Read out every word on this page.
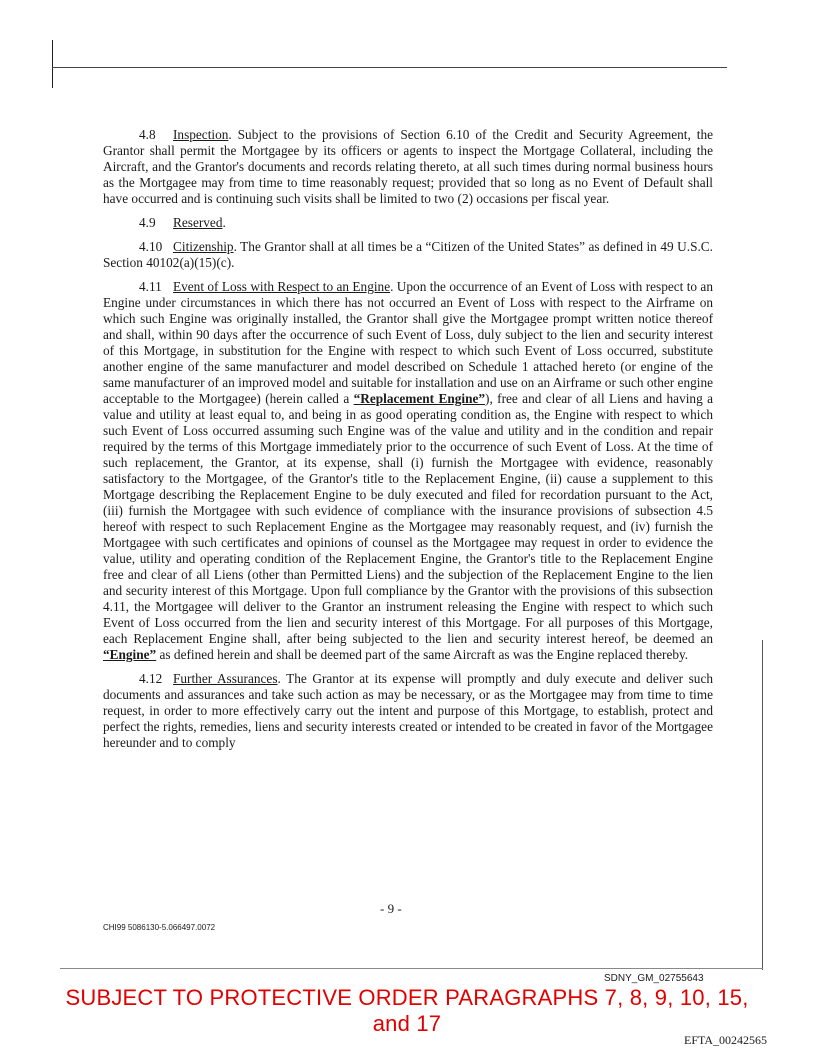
4.8 Inspection. Subject to the provisions of Section 6.10 of the Credit and Security Agreement, the Grantor shall permit the Mortgagee by its officers or agents to inspect the Mortgage Collateral, including the Aircraft, and the Grantor's documents and records relating thereto, at all such times during normal business hours as the Mortgagee may from time to time reasonably request; provided that so long as no Event of Default shall have occurred and is continuing such visits shall be limited to two (2) occasions per fiscal year.

4.9 Reserved.

4.10 Citizenship. The Grantor shall at all times be a “Citizen of the United States” as defined in 49 U.S.C. Section 40102(a)(15)(c).

4.11 Event of Loss with Respect to an Engine. Upon the occurrence of an Event of Loss with respect to an Engine under circumstances in which there has not occurred an Event of Loss with respect to the Airframe on which such Engine was originally installed, the Grantor shall give the Mortgagee prompt written notice thereof and shall, within 90 days after the occurrence of such Event of Loss, duly subject to the lien and security interest of this Mortgage, in substitution for the Engine with respect to which such Event of Loss occurred, substitute another engine of the same manufacturer and model described on Schedule 1 attached hereto (or engine of the same manufacturer of an improved model and suitable for installation and use on an Airframe or such other engine acceptable to the Mortgagee) (herein called a “Replacement Engine”), free and clear of all Liens and having a value and utility at least equal to, and being in as good operating condition as, the Engine with respect to which such Event of Loss occurred assuming such Engine was of the value and utility and in the condition and repair required by the terms of this Mortgage immediately prior to the occurrence of such Event of Loss. At the time of such replacement, the Grantor, at its expense, shall (i) furnish the Mortgagee with evidence, reasonably satisfactory to the Mortgagee, of the Grantor's title to the Replacement Engine, (ii) cause a supplement to this Mortgage describing the Replacement Engine to be duly executed and filed for recordation pursuant to the Act, (iii) furnish the Mortgagee with such evidence of compliance with the insurance provisions of subsection 4.5 hereof with respect to such Replacement Engine as the Mortgagee may reasonably request, and (iv) furnish the Mortgagee with such certificates and opinions of counsel as the Mortgagee may request in order to evidence the value, utility and operating condition of the Replacement Engine, the Grantor's title to the Replacement Engine free and clear of all Liens (other than Permitted Liens) and the subjection of the Replacement Engine to the lien and security interest of this Mortgage. Upon full compliance by the Grantor with the provisions of this subsection 4.11, the Mortgagee will deliver to the Grantor an instrument releasing the Engine with respect to which such Event of Loss occurred from the lien and security interest of this Mortgage. For all purposes of this Mortgage, each Replacement Engine shall, after being subjected to the lien and security interest hereof, be deemed an “Engine” as defined herein and shall be deemed part of the same Aircraft as was the Engine replaced thereby.

4.12 Further Assurances. The Grantor at its expense will promptly and duly execute and deliver such documents and assurances and take such action as may be necessary, or as the Mortgagee may from time to time request, in order to more effectively carry out the intent and purpose of this Mortgage, to establish, protect and perfect the rights, remedies, liens and security interests created or intended to be created in favor of the Mortgagee hereunder and to comply

- 9 -
CHI99 5086130-5.066497.0072
SDNY_GM_02755643
SUBJECT TO PROTECTIVE ORDER PARAGRAPHS 7, 8, 9, 10, 15, and 17
EFTA_00242565
